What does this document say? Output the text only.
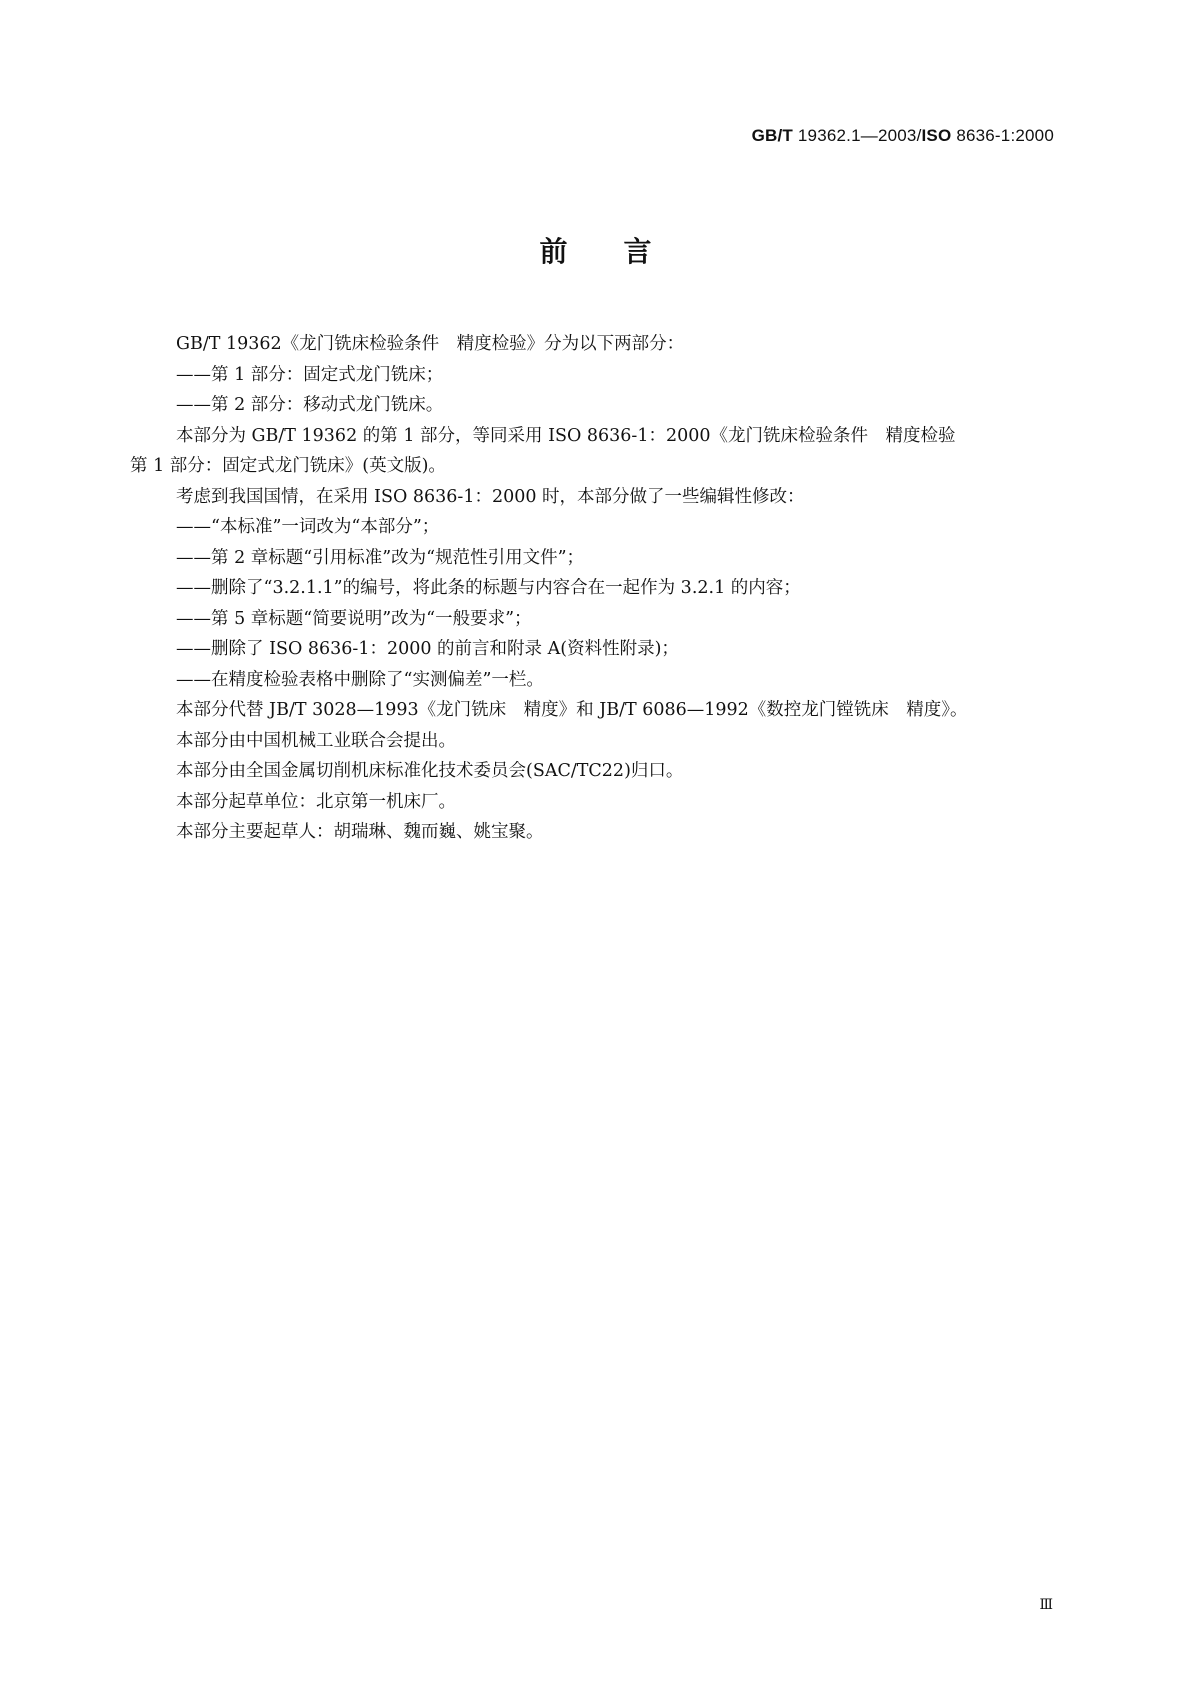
GB/T 19362.1—2003/ISO 8636-1:2000
前言
GB/T 19362《龙门铣床检验条件　精度检验》分为以下两部分：
——第 1 部分：固定式龙门铣床；
——第 2 部分：移动式龙门铣床。
本部分为 GB/T 19362 的第 1 部分，等同采用 ISO 8636-1：2000《龙门铣床检验条件　精度检验
第 1 部分：固定式龙门铣床》(英文版)。
考虑到我国国情，在采用 ISO 8636-1：2000 时，本部分做了一些编辑性修改：
——“本标准”一词改为“本部分”；
——第 2 章标题“引用标准”改为“规范性引用文件”；
——删除了“3.2.1.1”的编号，将此条的标题与内容合在一起作为 3.2.1 的内容；
——第 5 章标题“简要说明”改为“一般要求”；
——删除了 ISO 8636-1：2000 的前言和附录 A(资料性附录)；
——在精度检验表格中删除了“实测偏差”一栏。
本部分代替 JB/T 3028—1993《龙门铣床　精度》和 JB/T 6086—1992《数控龙门镗铣床　精度》。
本部分由中国机械工业联合会提出。
本部分由全国金属切削机床标准化技术委员会(SAC/TC22)归口。
本部分起草单位：北京第一机床厂。
本部分主要起草人：胡瑞琳、魏而巍、姚宝聚。
Ⅲ
